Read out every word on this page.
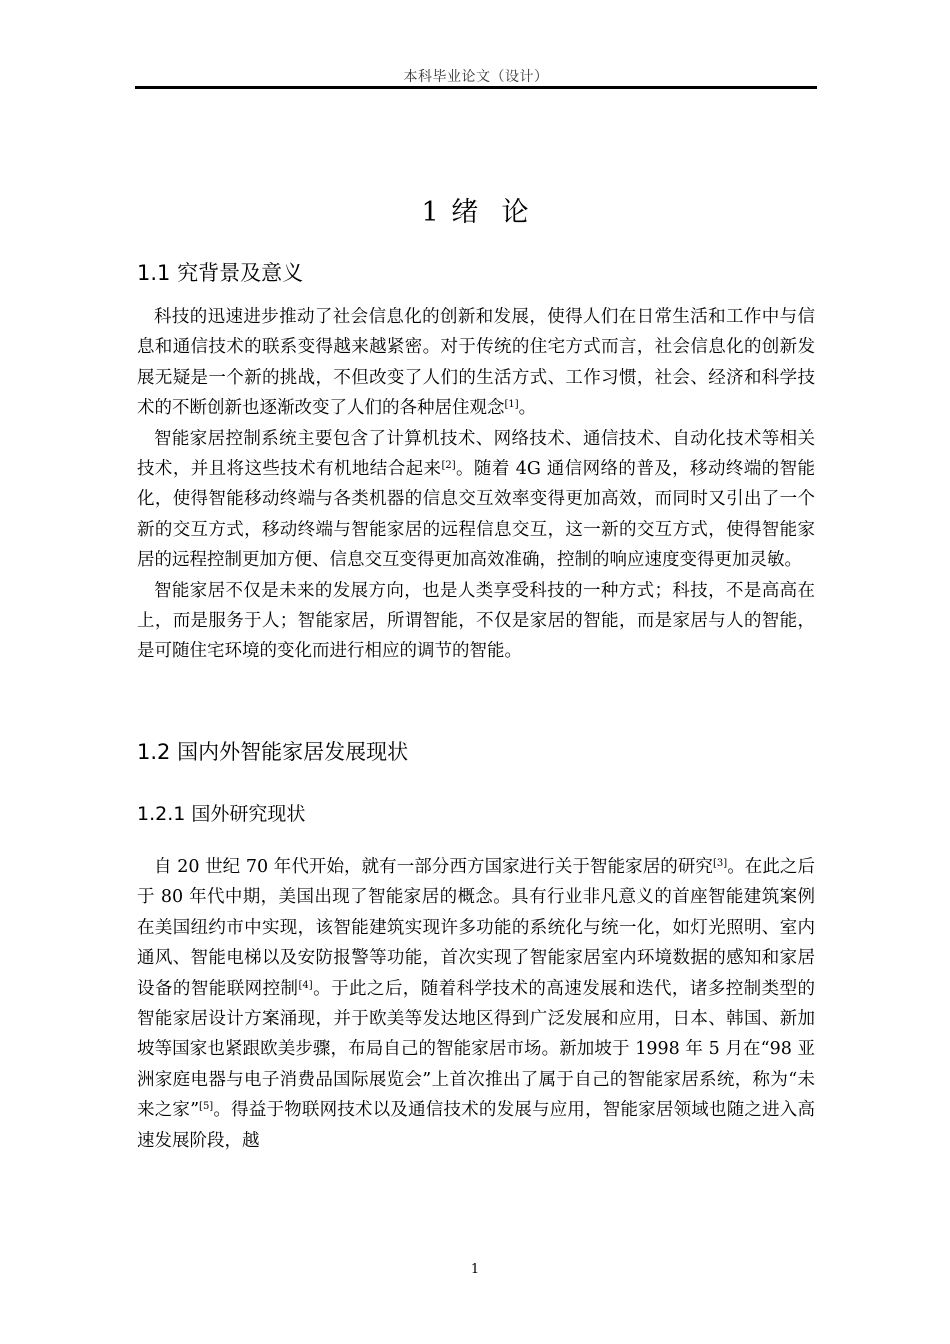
本科毕业论文（设计）
1 绪  论
1.1 究背景及意义

科技的迅速进步推动了社会信息化的创新和发展，使得人们在日常生活和工作中与信息和通信技术的联系变得越来越紧密。对于传统的住宅方式而言，社会信息化的创新发展无疑是一个新的挑战，不但改变了人们的生活方式、工作习惯，社会、经济和科学技术的不断创新也逐渐改变了人们的各种居住观念[1]。

智能家居控制系统主要包含了计算机技术、网络技术、通信技术、自动化技术等相关技术，并且将这些技术有机地结合起来[2]。随着 4G 通信网络的普及，移动终端的智能化，使得智能移动终端与各类机器的信息交互效率变得更加高效，而同时又引出了一个新的交互方式，移动终端与智能家居的远程信息交互，这一新的交互方式，使得智能家居的远程控制更加方便、信息交互变得更加高效准确，控制的响应速度变得更加灵敏。

智能家居不仅是未来的发展方向，也是人类享受科技的一种方式；科技，不是高高在上，而是服务于人；智能家居，所谓智能，不仅是家居的智能，而是家居与人的智能，是可随住宅环境的变化而进行相应的调节的智能。

1.2 国内外智能家居发展现状
1.2.1 国外研究现状

自 20 世纪 70 年代开始，就有一部分西方国家进行关于智能家居的研究[3]。在此之后于 80 年代中期，美国出现了智能家居的概念。具有行业非凡意义的首座智能建筑案例在美国纽约市中实现，该智能建筑实现许多功能的系统化与统一化，如灯光照明、室内通风、智能电梯以及安防报警等功能，首次实现了智能家居室内环境数据的感知和家居设备的智能联网控制[4]。于此之后，随着科学技术的高速发展和迭代，诸多控制类型的智能家居设计方案涌现，并于欧美等发达地区得到广泛发展和应用，日本、韩国、新加坡等国家也紧跟欧美步骤，布局自己的智能家居市场。新加坡于 1998 年 5 月在“98 亚洲家庭电器与电子消费品国际展览会”上首次推出了属于自己的智能家居系统，称为“未来之家”[5]。得益于物联网技术以及通信技术的发展与应用，智能家居领域也随之进入高速发展阶段，越

1
